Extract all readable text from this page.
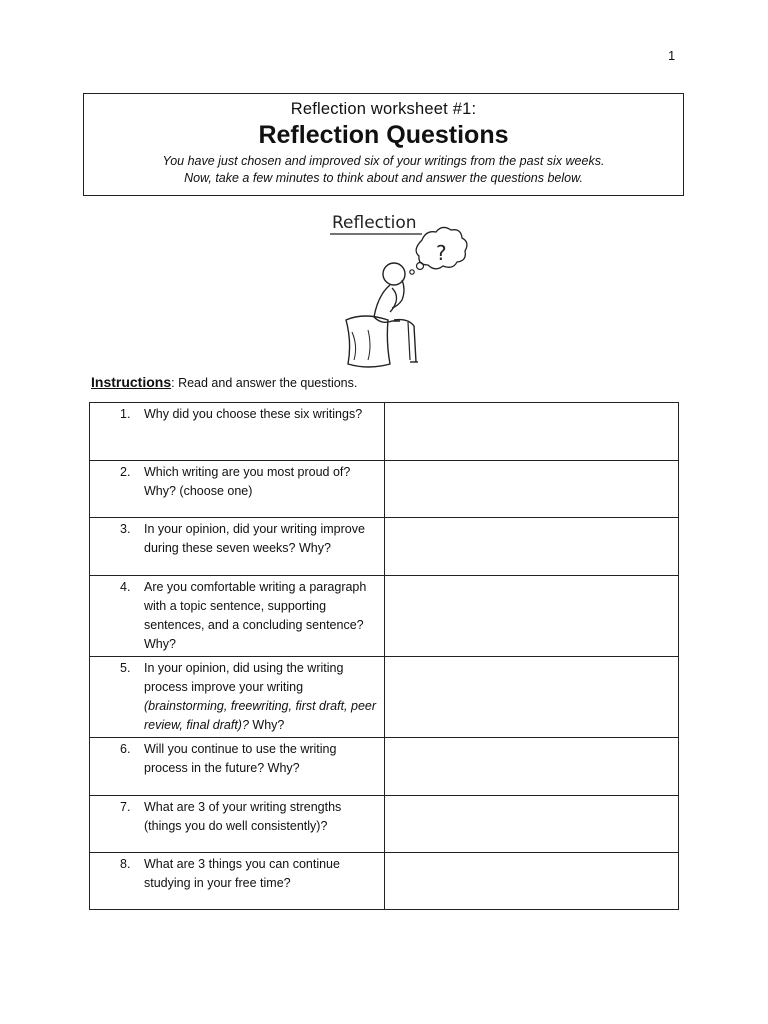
1
Reflection worksheet #1:
Reflection Questions
You have just chosen and improved six of your writings from the past six weeks.
Now, take a few minutes to think about and answer the questions below.
Reflection
?
Instructions: Read and answer the questions.
1. Why did you choose these six writings?	

2. Which writing are you most proud of? Why? (choose one)	

3. In your opinion, did your writing improve during these seven weeks? Why?	

4. Are you comfortable writing a paragraph with a topic sentence, supporting sentences, and a concluding sentence? Why?	

5. In your opinion, did using the writing process improve your writing (brainstorming, freewriting, first draft, peer review, final draft)? Why?	

6. Will you continue to use the writing process in the future? Why?	

7. What are 3 of your writing strengths (things you do well consistently)?	

8. What are 3 things you can continue studying in your free time?	
